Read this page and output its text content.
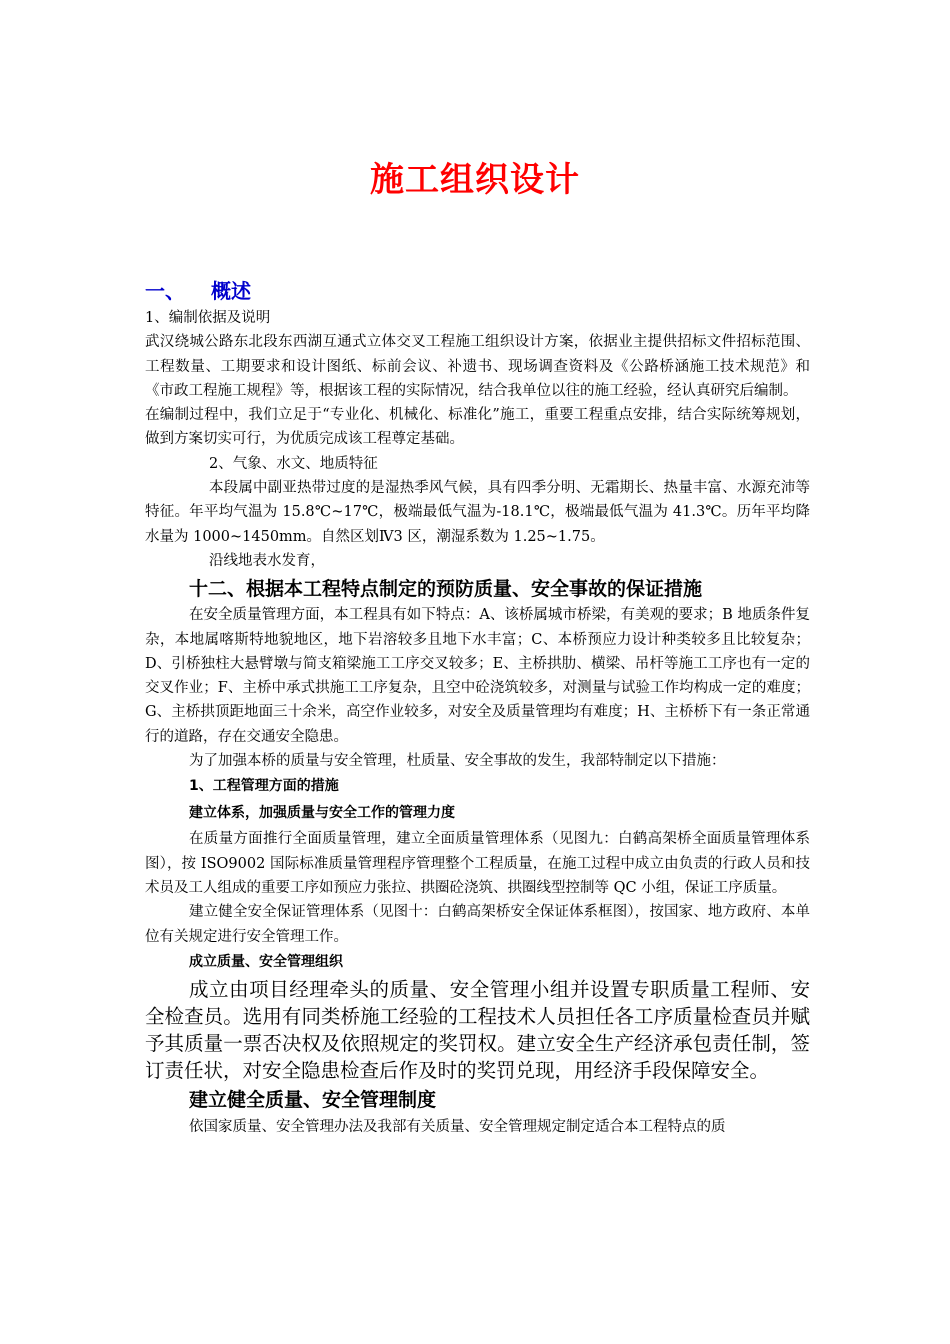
施工组织设计
一、 概述

1、编制依据及说明

武汉绕城公路东北段东西湖互通式立体交叉工程施工组织设计方案，依据业主提供招标文件招标范围、工程数量、工期要求和设计图纸、标前会议、补遗书、现场调查资料及《公路桥涵施工技术规范》和《市政工程施工规程》等，根据该工程的实际情况，结合我单位以往的施工经验，经认真研究后编制。

在编制过程中，我们立足于“专业化、机械化、标准化”施工，重要工程重点安排，结合实际统筹规划，做到方案切实可行，为优质完成该工程尊定基础。

2、气象、水文、地质特征

本段属中副亚热带过度的是湿热季风气候，具有四季分明、无霜期长、热量丰富、水源充沛等特征。年平均气温为 15.8℃~17℃，极端最低气温为-18.1℃，极端最低气温为 41.3℃。历年平均降水量为 1000~1450mm。自然区划Ⅳ3 区，潮湿系数为 1.25~1.75。

沿线地表水发育，

十二、根据本工程特点制定的预防质量、安全事故的保证措施

在安全质量管理方面，本工程具有如下特点：A、该桥属城市桥梁，有美观的要求；B 地质条件复杂，本地属喀斯特地貌地区，地下岩溶较多且地下水丰富；C、本桥预应力设计种类较多且比较复杂；D、引桥独柱大悬臂墩与简支箱梁施工工序交叉较多；E、主桥拱肋、横梁、吊杆等施工工序也有一定的交叉作业；F、主桥中承式拱施工工序复杂，且空中砼浇筑较多，对测量与试验工作均构成一定的难度；G、主桥拱顶距地面三十余米，高空作业较多，对安全及质量管理均有难度；H、主桥桥下有一条正常通行的道路，存在交通安全隐患。

为了加强本桥的质量与安全管理，杜质量、安全事故的发生，我部特制定以下措施：

1、工程管理方面的措施
建立体系，加强质量与安全工作的管理力度

在质量方面推行全面质量管理，建立全面质量管理体系（见图九：白鹤高架桥全面质量管理体系图），按 ISO9002 国际标准质量管理程序管理整个工程质量，在施工过程中成立由负责的行政人员和技术员及工人组成的重要工序如预应力张拉、拱圈砼浇筑、拱圈线型控制等 QC 小组，保证工序质量。

建立健全安全保证管理体系（见图十：白鹤高架桥安全保证体系框图），按国家、地方政府、本单位有关规定进行安全管理工作。

成立质量、安全管理组织

成立由项目经理牵头的质量、安全管理小组并设置专职质量工程师、安全检查员。选用有同类桥施工经验的工程技术人员担任各工序质量检查员并赋予其质量一票否决权及依照规定的奖罚权。建立安全生产经济承包责任制，签订责任状，对安全隐患检查后作及时的奖罚兑现，用经济手段保障安全。

建立健全质量、安全管理制度

依国家质量、安全管理办法及我部有关质量、安全管理规定制定适合本工程特点的质
